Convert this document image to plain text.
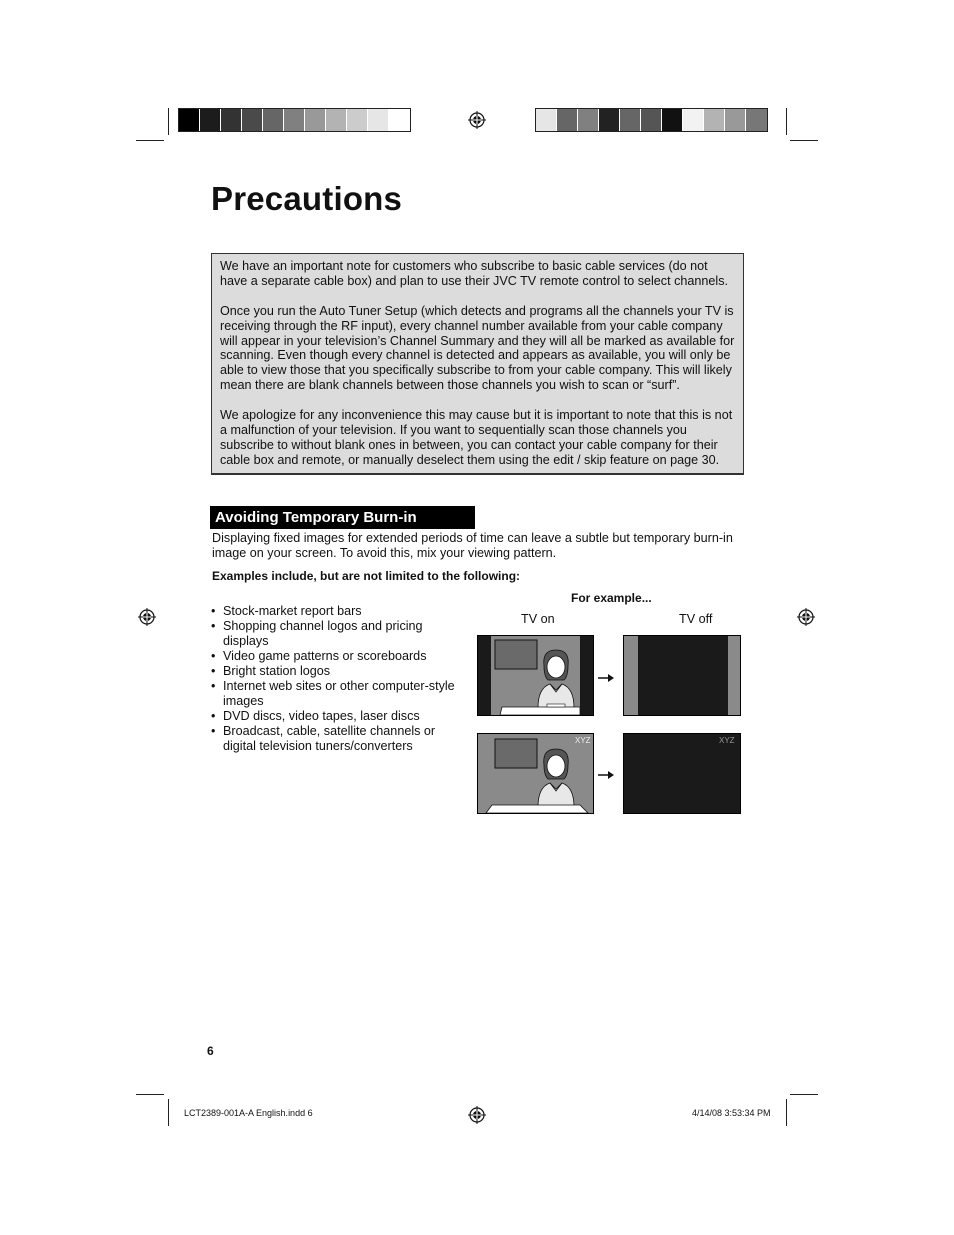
Precautions

We have an important note for customers who subscribe to basic cable services (do not have a separate cable box) and plan to use their JVC TV remote control to select channels.

Once you run the Auto Tuner Setup (which detects and programs all the channels your TV is receiving through the RF input), every channel number available from your cable company will appear in your television’s Channel Summary and they will all be marked as available for scanning. Even though every channel is detected and appears as available, you will only be able to view those that you specifically subscribe to from your cable company. This will likely mean there are blank channels between those channels you wish to scan or “surf”.

We apologize for any inconvenience this may cause but it is important to note that this is not a malfunction of your television. If you want to sequentially scan those channels you subscribe to without blank ones in between, you can contact your cable company for their cable box and remote, or manually deselect them using the edit / skip feature on page 30.

Avoiding Temporary Burn-in
Displaying fixed images for extended periods of time can leave a subtle but temporary burn-in image on your screen. To avoid this, mix your viewing pattern.
Examples include, but are not limited to the following:
• Stock-market report bars
• Shopping channel logos and pricing displays
• Video game patterns or scoreboards
• Bright station logos
• Internet web sites or other computer-style images
• DVD discs, video tapes, laser discs
• Broadcast, cable, satellite channels or digital television tuners/converters
For example...
TV on	TV off
XYZ	XYZ
6
LCT2389-001A-A English.indd 6	4/14/08 3:53:34 PM
